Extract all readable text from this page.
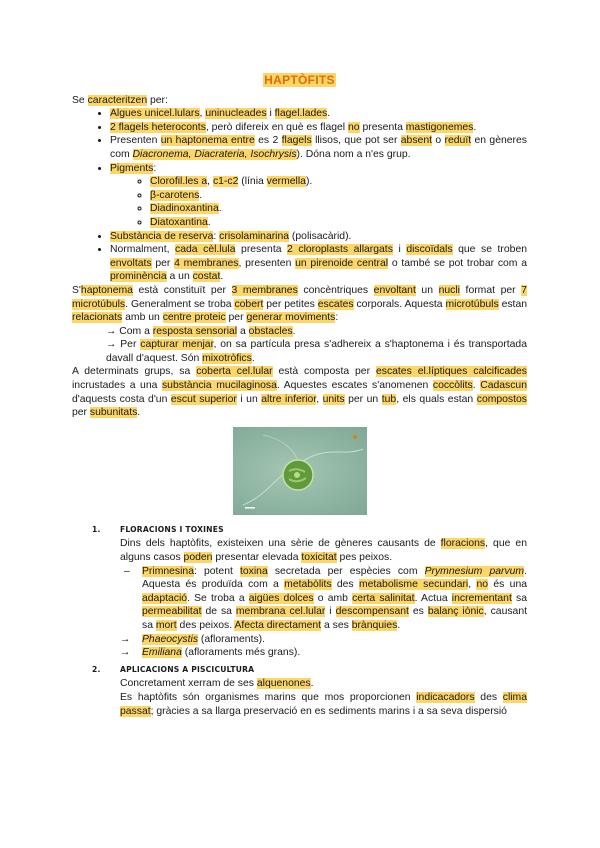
HAPTÒFITS

Se caracteritzen per:

• Algues unicel.lulars, uninucleades i flagel.lades.
• 2 flagels heteroconts, però difereix en què es flagel no presenta mastigonemes.
• Presenten un haptonema entre es 2 flagels llisos, que pot ser absent o reduït en gèneres com Diacronema, Diacrateria, Isochrysis). Dóna nom a n'es grup.
• Pigments:
◦ Clorofil.les a, c1-c2 (línia vermella).
◦ β-carotens.
◦ Diadinoxantina.
◦ Diatoxantina.
• Substància de reserva: crisolaminarina (polisacàrid).
• Normalment, cada cèl.lula presenta 2 cloroplasts allargats i discoïdals que se troben envoltats per 4 membranes, presenten un pirenoide central o també se pot trobar com a prominència a un costat.

S'haptonema està constituït per 3 membranes concèntriques envoltant un nucli format per 7 microtúbuls. Generalment se troba cobert per petites escates corporals. Aquesta microtúbuls estan relacionats amb un centre proteic per generar moviments:

→ Com a resposta sensorial a obstacles.
→ Per capturar menjar, on sa partícula presa s'adhereix a s'haptonema i és transportada davall d'aquest. Són mixotròfics.

A determinats grups, sa coberta cel.lular està composta per escates el.líptiques calcificades incrustades a una substància mucilaginosa. Aquestes escates s'anomenen coccòlits. Cadascun d'aquests costa d'un escut superior i un altre inferior, units per un tub, els quals estan compostos per subunitats.

1.	FLORACIONS I TOXINES

Dins dels haptòfits, existeixen una sèrie de gèneres causants de floracions, que en alguns casos poden presentar elevada toxicitat pes peixos.

– Primnesina: potent toxina secretada per espècies com Prymnesium parvum. Aquesta és produïda com a metabòlits des metabolisme secundari, no és una adaptació. Se troba a aigües dolces o amb certa salinitat. Actua incrementant sa permeabilitat de sa membrana cel.lular i descompensant es balanç iònic, causant sa mort des peixos. Afecta directament a ses brànquies.
→ Phaeocystis (afloraments).
→ Emiliana (afloraments més grans).
2.	APLICACIONS A PISCICULTURA

Concretament xerram de ses alquenones.

Es haptòfits són organismes marins que mos proporcionen indicacadors des clima passat; gràcies a sa llarga preservació en es sediments marins i a sa seva dispersió
